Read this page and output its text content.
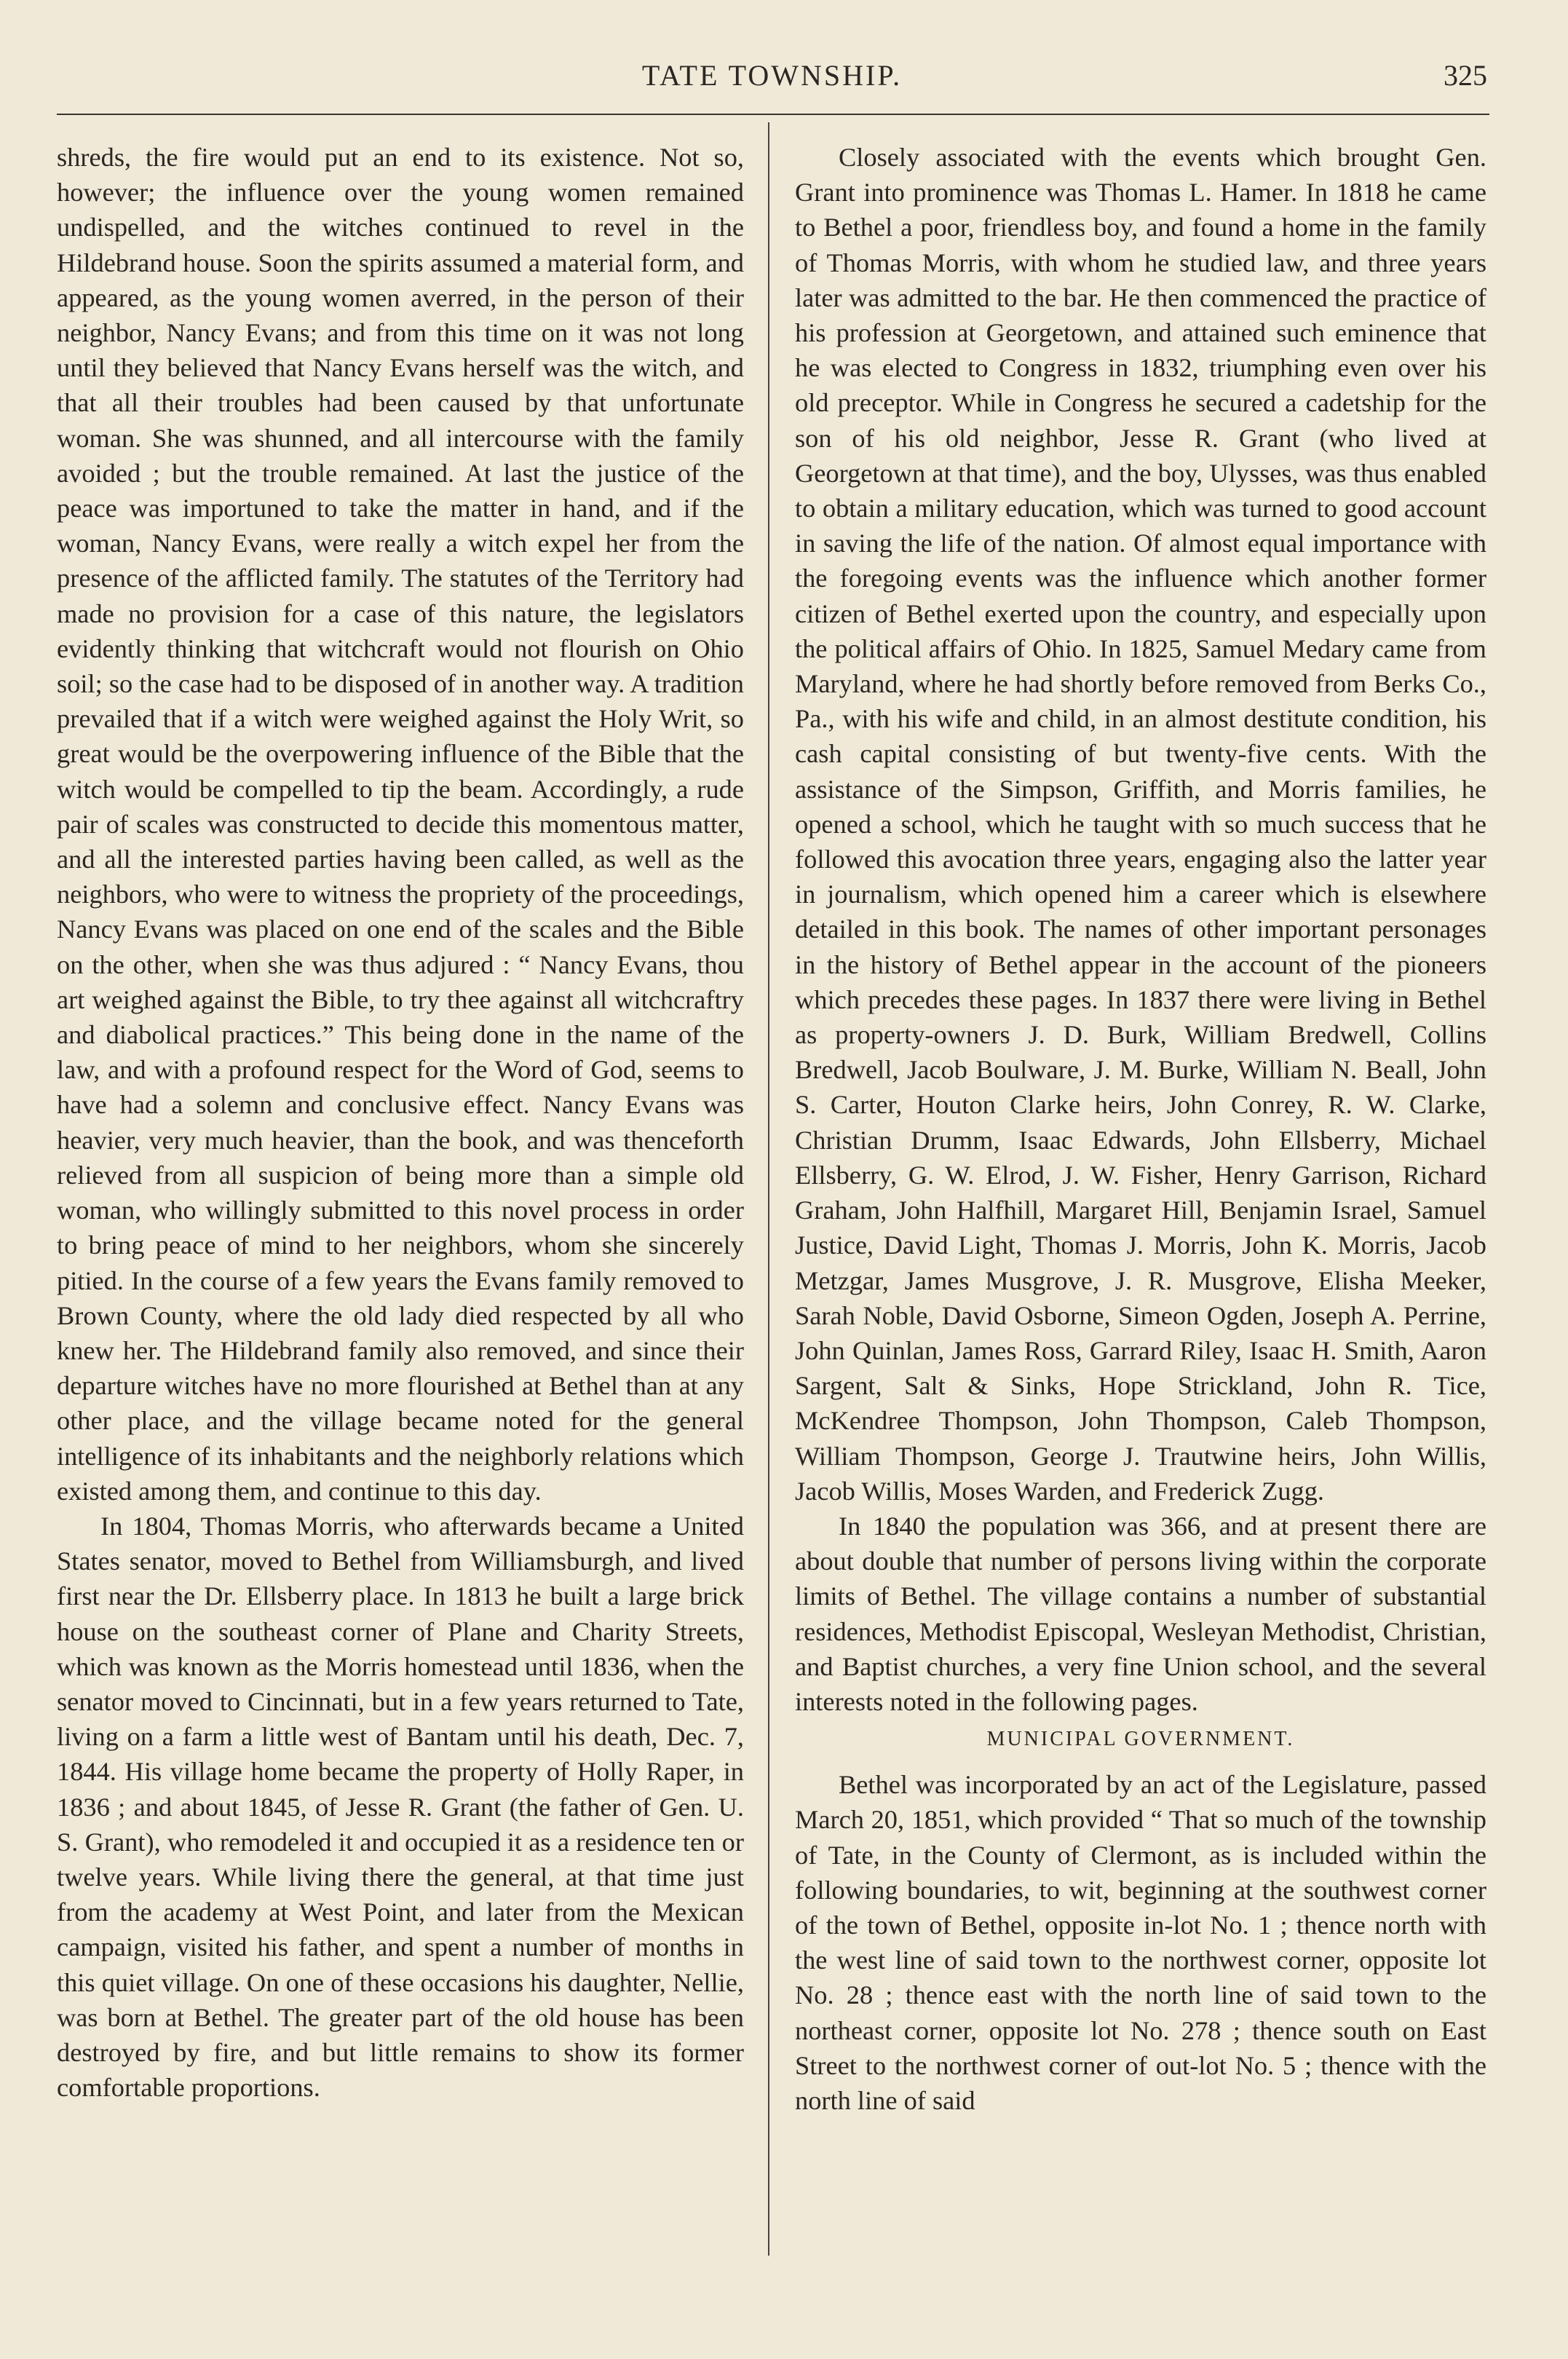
TATE TOWNSHIP.	325

shreds, the fire would put an end to its existence. Not so, however; the influence over the young women remained undispelled, and the witches continued to revel in the Hildebrand house. Soon the spirits assumed a material form, and appeared, as the young women averred, in the person of their neighbor, Nancy Evans; and from this time on it was not long until they believed that Nancy Evans herself was the witch, and that all their troubles had been caused by that unfortunate woman. She was shunned, and all intercourse with the family avoided ; but the trouble remained. At last the justice of the peace was importuned to take the matter in hand, and if the woman, Nancy Evans, were really a witch expel her from the presence of the afflicted family. The statutes of the Territory had made no provision for a case of this nature, the legislators evidently thinking that witchcraft would not flourish on Ohio soil; so the case had to be disposed of in another way. A tradition prevailed that if a witch were weighed against the Holy Writ, so great would be the overpowering influence of the Bible that the witch would be compelled to tip the beam. Accordingly, a rude pair of scales was constructed to decide this momentous matter, and all the interested parties having been called, as well as the neighbors, who were to witness the propriety of the proceedings, Nancy Evans was placed on one end of the scales and the Bible on the other, when she was thus adjured : “ Nancy Evans, thou art weighed against the Bible, to try thee against all witchcraftry and diabolical practices.” This being done in the name of the law, and with a profound respect for the Word of God, seems to have had a solemn and conclusive effect. Nancy Evans was heavier, very much heavier, than the book, and was thenceforth relieved from all suspicion of being more than a simple old woman, who willingly submitted to this novel process in order to bring peace of mind to her neighbors, whom she sincerely pitied. In the course of a few years the Evans family removed to Brown County, where the old lady died respected by all who knew her. The Hildebrand family also removed, and since their departure witches have no more flourished at Bethel than at any other place, and the village became noted for the general intelligence of its inhabitants and the neighborly relations which existed among them, and continue to this day.

In 1804, Thomas Morris, who afterwards became a United States senator, moved to Bethel from Williamsburgh, and lived first near the Dr. Ellsberry place. In 1813 he built a large brick house on the southeast corner of Plane and Charity Streets, which was known as the Morris homestead until 1836, when the senator moved to Cincinnati, but in a few years returned to Tate, living on a farm a little west of Bantam until his death, Dec. 7, 1844. His village home became the property of Holly Raper, in 1836 ; and about 1845, of Jesse R. Grant (the father of Gen. U. S. Grant), who remodeled it and occupied it as a residence ten or twelve years. While living there the general, at that time just from the academy at West Point, and later from the Mexican campaign, visited his father, and spent a number of months in this quiet village. On one of these occasions his daughter, Nellie, was born at Bethel. The greater part of the old house has been destroyed by fire, and but little remains to show its former comfortable proportions.

Closely associated with the events which brought Gen. Grant into prominence was Thomas L. Hamer. In 1818 he came to Bethel a poor, friendless boy, and found a home in the family of Thomas Morris, with whom he studied law, and three years later was admitted to the bar. He then commenced the practice of his profession at Georgetown, and attained such eminence that he was elected to Congress in 1832, triumphing even over his old preceptor. While in Congress he secured a cadetship for the son of his old neighbor, Jesse R. Grant (who lived at Georgetown at that time), and the boy, Ulysses, was thus enabled to obtain a military education, which was turned to good account in saving the life of the nation. Of almost equal importance with the foregoing events was the influence which another former citizen of Bethel exerted upon the country, and especially upon the political affairs of Ohio. In 1825, Samuel Medary came from Maryland, where he had shortly before removed from Berks Co., Pa., with his wife and child, in an almost destitute condition, his cash capital consisting of but twenty-five cents. With the assistance of the Simpson, Griffith, and Morris families, he opened a school, which he taught with so much success that he followed this avocation three years, engaging also the latter year in journalism, which opened him a career which is elsewhere detailed in this book. The names of other important personages in the history of Bethel appear in the account of the pioneers which precedes these pages. In 1837 there were living in Bethel as property-owners J. D. Burk, William Bredwell, Collins Bredwell, Jacob Boulware, J. M. Burke, William N. Beall, John S. Carter, Houton Clarke heirs, John Conrey, R. W. Clarke, Christian Drumm, Isaac Edwards, John Ellsberry, Michael Ellsberry, G. W. Elrod, J. W. Fisher, Henry Garrison, Richard Graham, John Halfhill, Margaret Hill, Benjamin Israel, Samuel Justice, David Light, Thomas J. Morris, John K. Morris, Jacob Metzgar, James Musgrove, J. R. Musgrove, Elisha Meeker, Sarah Noble, David Osborne, Simeon Ogden, Joseph A. Perrine, John Quinlan, James Ross, Garrard Riley, Isaac H. Smith, Aaron Sargent, Salt & Sinks, Hope Strickland, John R. Tice, McKendree Thompson, John Thompson, Caleb Thompson, William Thompson, George J. Trautwine heirs, John Willis, Jacob Willis, Moses Warden, and Frederick Zugg.

In 1840 the population was 366, and at present there are about double that number of persons living within the corporate limits of Bethel. The village contains a number of substantial residences, Methodist Episcopal, Wesleyan Methodist, Christian, and Baptist churches, a very fine Union school, and the several interests noted in the following pages.

MUNICIPAL GOVERNMENT.

Bethel was incorporated by an act of the Legislature, passed March 20, 1851, which provided “ That so much of the township of Tate, in the County of Clermont, as is included within the following boundaries, to wit, beginning at the southwest corner of the town of Bethel, opposite in-lot No. 1 ; thence north with the west line of said town to the northwest corner, opposite lot No. 28 ; thence east with the north line of said town to the northeast corner, opposite lot No. 278 ; thence south on East Street to the northwest corner of out-lot No. 5 ; thence with the north line of said
